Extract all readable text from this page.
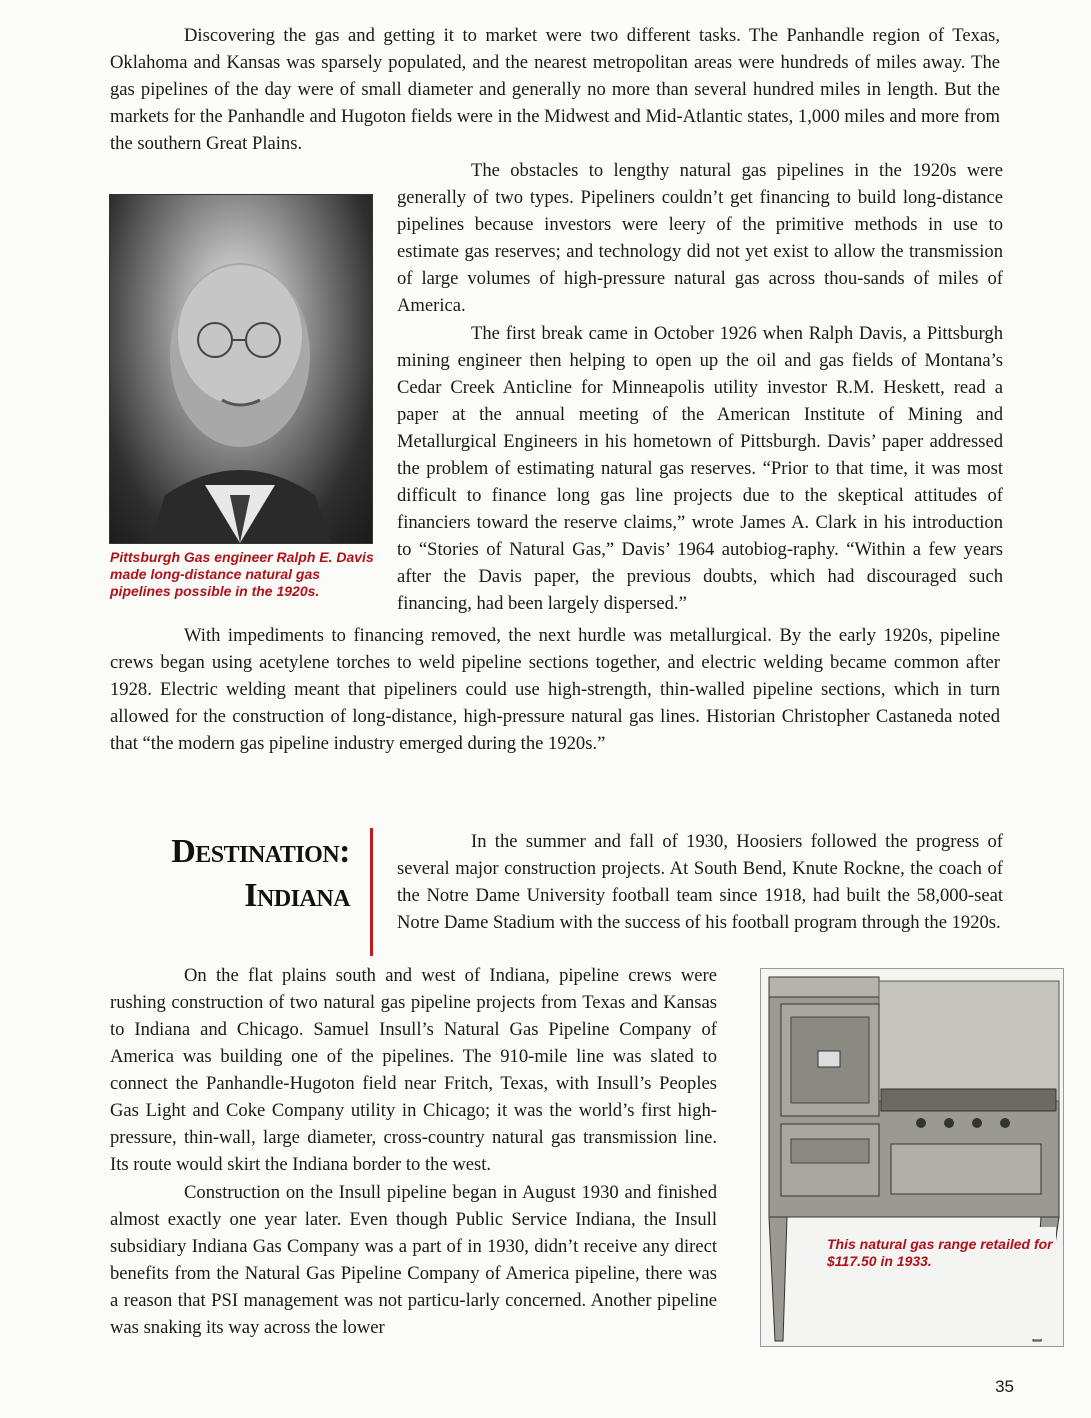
Discovering the gas and getting it to market were two different tasks. The Panhandle region of Texas, Oklahoma and Kansas was sparsely populated, and the nearest metropolitan areas were hundreds of miles away. The gas pipelines of the day were of small diameter and generally no more than several hundred miles in length. But the markets for the Panhandle and Hugoton fields were in the Midwest and Mid-Atlantic states, 1,000 miles and more from the southern Great Plains.

Pittsburgh Gas engineer Ralph E. Davis made long-distance natural gas pipelines possible in the 1920s.

The obstacles to lengthy natural gas pipelines in the 1920s were generally of two types. Pipeliners couldn’t get financing to build long-distance pipelines because investors were leery of the primitive methods in use to estimate gas reserves; and technology did not yet exist to allow the transmission of large volumes of high-pressure natural gas across thou-sands of miles of America.

The first break came in October 1926 when Ralph Davis, a Pittsburgh mining engineer then helping to open up the oil and gas fields of Montana’s Cedar Creek Anticline for Minneapolis utility investor R.M. Heskett, read a paper at the annual meeting of the American Institute of Mining and Metallurgical Engineers in his hometown of Pittsburgh. Davis’ paper addressed the problem of estimating natural gas reserves. “Prior to that time, it was most difficult to finance long gas line projects due to the skeptical attitudes of financiers toward the reserve claims,” wrote James A. Clark in his introduction to “Stories of Natural Gas,” Davis’ 1964 autobiog-raphy. “Within a few years after the Davis paper, the previous doubts, which had discouraged such financing, had been largely dispersed.”

With impediments to financing removed, the next hurdle was metallurgical. By the early 1920s, pipeline crews began using acetylene torches to weld pipeline sections together, and electric welding became common after 1928. Electric welding meant that pipeliners could use high-strength, thin-walled pipeline sections, which in turn allowed for the construction of long-distance, high-pressure natural gas lines. Historian Christopher Castaneda noted that “the modern gas pipeline industry emerged during the 1920s.”

Destination:
Indiana

In the summer and fall of 1930, Hoosiers followed the progress of several major construction projects. At South Bend, Knute Rockne, the coach of the Notre Dame University football team since 1918, had built the 58,000-seat Notre Dame Stadium with the success of his football program through the 1920s.

On the flat plains south and west of Indiana, pipeline crews were rushing construction of two natural gas pipeline projects from Texas and Kansas to Indiana and Chicago. Samuel Insull’s Natural Gas Pipeline Company of America was building one of the pipelines. The 910-mile line was slated to connect the Panhandle-Hugoton field near Fritch, Texas, with Insull’s Peoples Gas Light and Coke Company utility in Chicago; it was the world’s first high-pressure, thin-wall, large diameter, cross-country natural gas transmission line. Its route would skirt the Indiana border to the west.

Construction on the Insull pipeline began in August 1930 and finished almost exactly one year later. Even though Public Service Indiana, the Insull subsidiary Indiana Gas Company was a part of in 1930, didn’t receive any direct benefits from the Natural Gas Pipeline Company of America pipeline, there was a reason that PSI management was not particu-larly concerned. Another pipeline was snaking its way across the lower

This natural gas range retailed for $117.50 in 1933.

35
